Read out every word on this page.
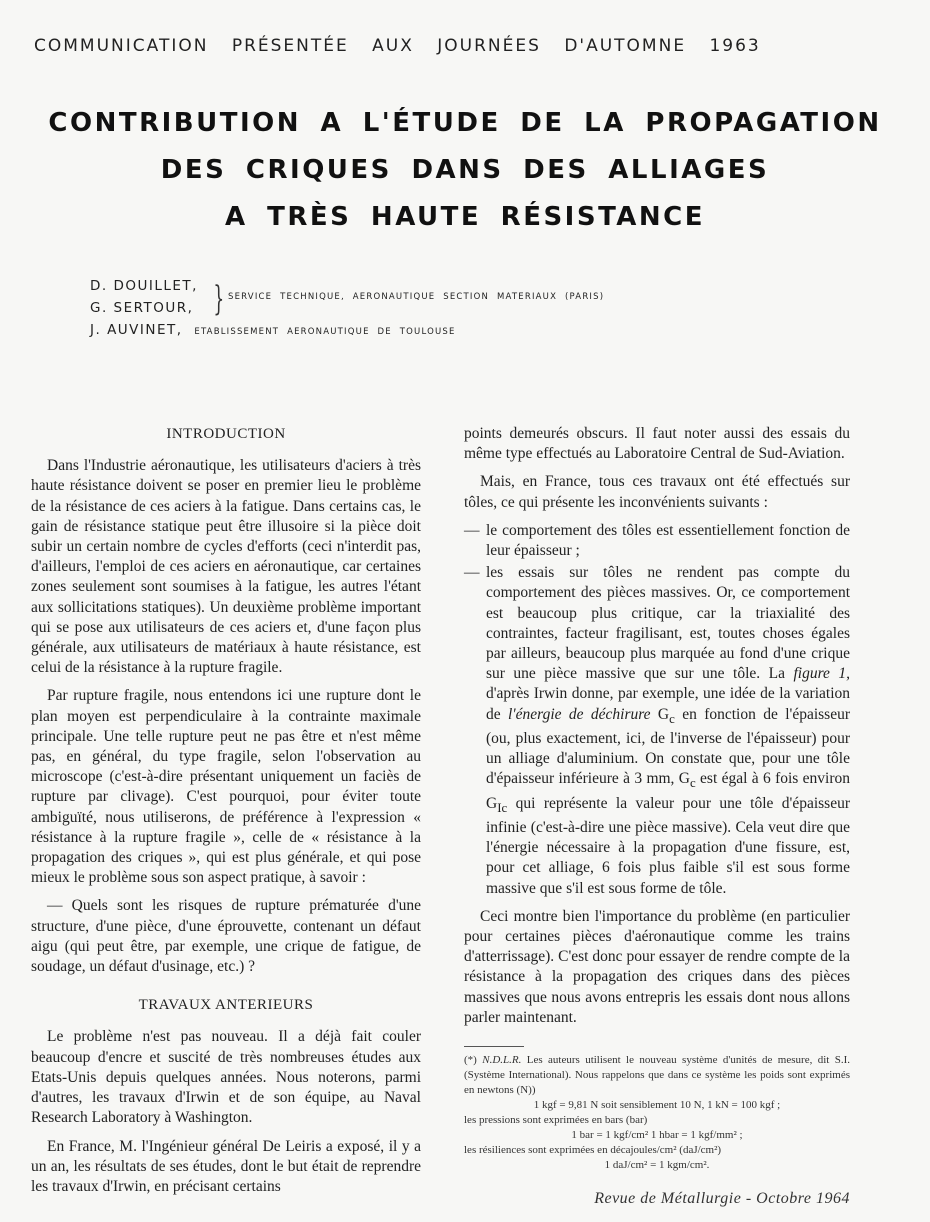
COMMUNICATION PRÉSENTÉE AUX JOURNÉES D'AUTOMNE 1963
CONTRIBUTION A L'ÉTUDE DE LA PROPAGATION
DES CRIQUES DANS DES ALLIAGES
A TRÈS HAUTE RÉSISTANCE
D. DOUILLET,
G. SERTOUR, } SERVICE TECHNIQUE, AERONAUTIQUE SECTION MATERIAUX (PARIS)
J. AUVINET, ETABLISSEMENT AERONAUTIQUE DE TOULOUSE
INTRODUCTION

Dans l'Industrie aéronautique, les utilisateurs d'aciers à très haute résistance doivent se poser en premier lieu le problème de la résistance de ces aciers à la fatigue. Dans certains cas, le gain de résistance statique peut être illusoire si la pièce doit subir un certain nombre de cycles d'efforts (ceci n'interdit pas, d'ailleurs, l'emploi de ces aciers en aéronautique, car certaines zones seulement sont soumises à la fatigue, les autres l'étant aux sollicitations statiques). Un deuxième problème important qui se pose aux utilisateurs de ces aciers et, d'une façon plus générale, aux utilisateurs de matériaux à haute résistance, est celui de la résistance à la rupture fragile.

Par rupture fragile, nous entendons ici une rupture dont le plan moyen est perpendiculaire à la contrainte maximale principale. Une telle rupture peut ne pas être et n'est même pas, en général, du type fragile, selon l'observation au microscope (c'est-à-dire présentant uniquement un faciès de rupture par clivage). C'est pourquoi, pour éviter toute ambiguïté, nous utiliserons, de préférence à l'expression « résistance à la rupture fragile », celle de « résistance à la propagation des criques », qui est plus générale, et qui pose mieux le problème sous son aspect pratique, à savoir :

— Quels sont les risques de rupture prématurée d'une structure, d'une pièce, d'une éprouvette, contenant un défaut aigu (qui peut être, par exemple, une crique de fatigue, de soudage, un défaut d'usinage, etc.) ?

TRAVAUX ANTERIEURS

Le problème n'est pas nouveau. Il a déjà fait couler beaucoup d'encre et suscité de très nombreuses études aux Etats-Unis depuis quelques années. Nous noterons, parmi d'autres, les travaux d'Irwin et de son équipe, au Naval Research Laboratory à Washington.

En France, M. l'Ingénieur général De Leiris a exposé, il y a un an, les résultats de ses études, dont le but était de reprendre les travaux d'Irwin, en précisant certains

points demeurés obscurs. Il faut noter aussi des essais du même type effectués au Laboratoire Central de Sud-Aviation.

Mais, en France, tous ces travaux ont été effectués sur tôles, ce qui présente les inconvénients suivants :

— le comportement des tôles est essentiellement fonction de leur épaisseur ;
— les essais sur tôles ne rendent pas compte du comportement des pièces massives. Or, ce comportement est beaucoup plus critique, car la triaxialité des contraintes, facteur fragilisant, est, toutes choses égales par ailleurs, beaucoup plus marquée au fond d'une crique sur une pièce massive que sur une tôle. La figure 1, d'après Irwin donne, par exemple, une idée de la variation de l'énergie de déchirure $G_c$ en fonction de l'épaisseur (ou, plus exactement, ici, de l'inverse de l'épaisseur) pour un alliage d'aluminium. On constate que, pour une tôle d'épaisseur inférieure à 3 mm, $G_c$ est égal à 6 fois environ $G_{Ic}$ qui représente la valeur pour une tôle d'épaisseur infinie (c'est-à-dire une pièce massive). Cela veut dire que l'énergie nécessaire à la propagation d'une fissure, est, pour cet alliage, 6 fois plus faible s'il est sous forme massive que s'il est sous forme de tôle.

Ceci montre bien l'importance du problème (en particulier pour certaines pièces d'aéronautique comme les trains d'atterrissage). C'est donc pour essayer de rendre compte de la résistance à la propagation des criques dans des pièces massives que nous avons entrepris les essais dont nous allons parler maintenant.

(*) N.D.L.R. Les auteurs utilisent le nouveau système d'unités de mesure, dit S.I. (Système International). Nous rappelons que dans ce système les poids sont exprimés en newtons (N))
1 kgf = 9,81 N soit sensiblement 10 N, 1 kN = 100 kgf ;
les pressions sont exprimées en bars (bar)
1 bar = 1 kgf/cm² 1 hbar = 1 kgf/mm² ;
les résiliences sont exprimées en décajoules/cm² (daJ/cm²)
1 daJ/cm² = 1 kgm/cm².
Revue de Métallurgie - Octobre 1964
